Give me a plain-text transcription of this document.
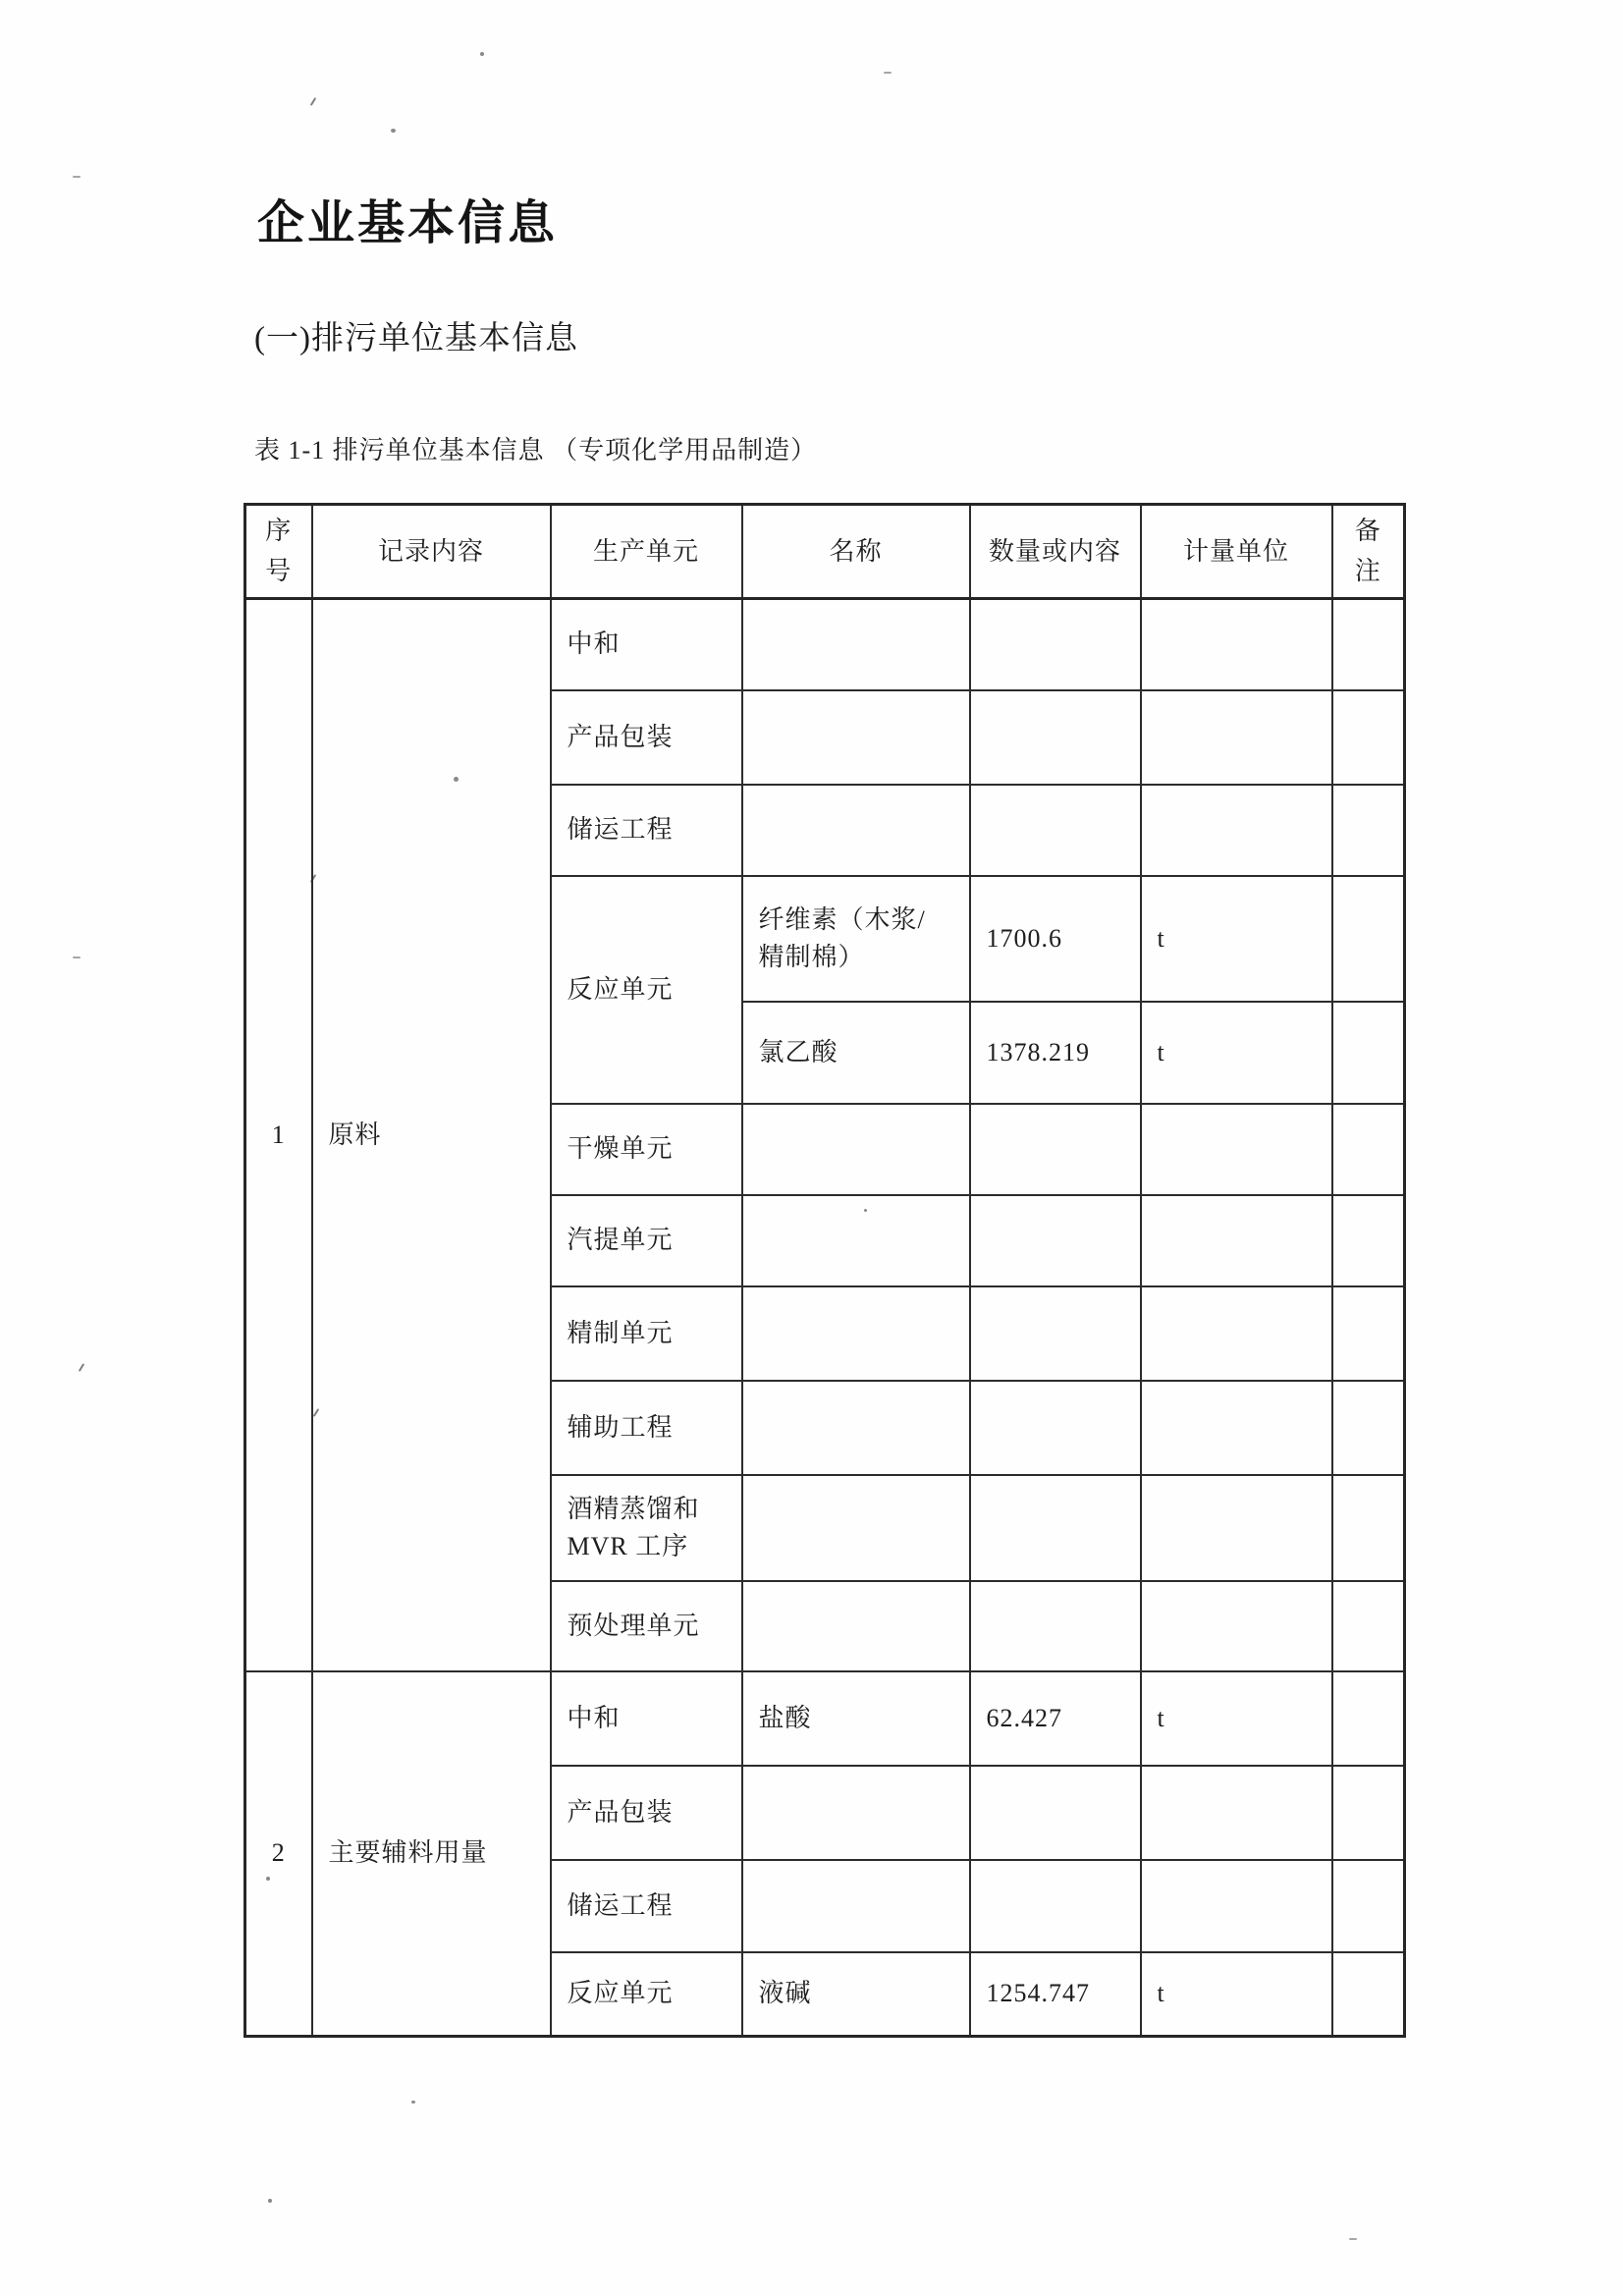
企业基本信息
(一)排污单位基本信息
表 1-1 排污单位基本信息 （专项化学用品制造）
序号	记录内容	生产单元	名称	数量或内容	计量单位	备注

1	原料	中和				
		产品包装				
		储运工程				
		反应单元	纤维素（木浆/精制棉）	1700.6	t	
			氯乙酸	1378.219	t	
		干燥单元				
		汽提单元				
		精制单元				
		辅助工程				
		酒精蒸馏和 MVR 工序				
		预处理单元				
2	主要辅料用量	中和	盐酸	62.427	t	
		产品包装				
		储运工程				
		反应单元	液碱	1254.747	t	
